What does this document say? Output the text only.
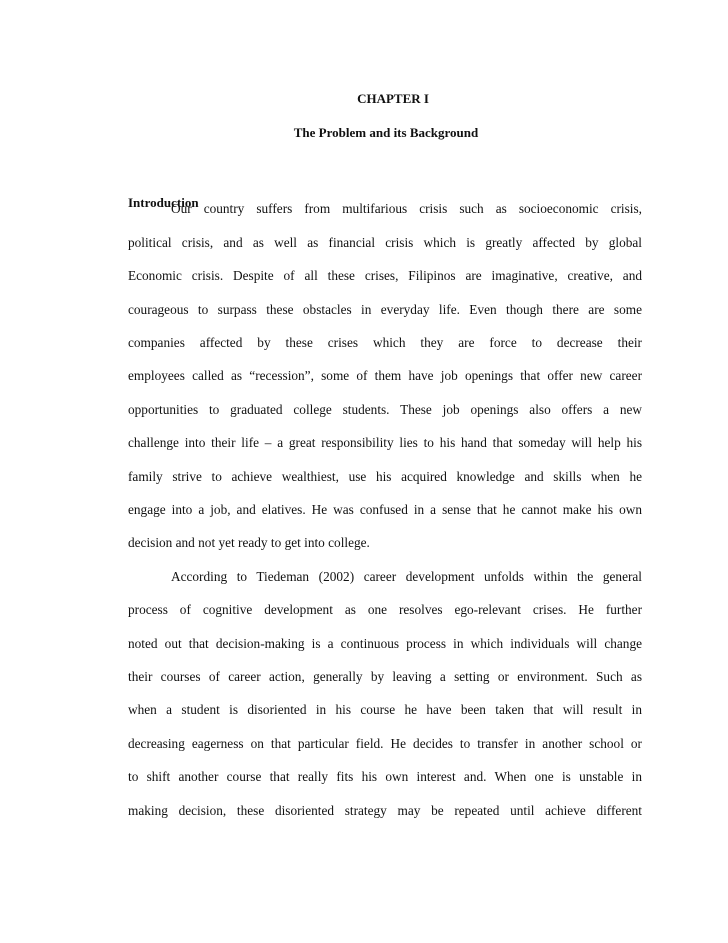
CHAPTER I
The Problem and its Background
Introduction
Our country suffers from multifarious crisis such as socioeconomic crisis,
political crisis, and as well as financial crisis which is greatly affected by global
Economic crisis. Despite of all these crises, Filipinos are imaginative, creative, and
courageous to surpass these obstacles in everyday life. Even though there are some
companies affected by these crises which they are force to decrease their
employees called as “recession”, some of them have job openings that offer new career
opportunities to graduated college students. These job openings also offers a new
challenge into their life – a great responsibility lies to his hand that someday will help his
family strive to achieve wealthiest, use his acquired knowledge and skills when he
engage into a job, and elatives. He was confused in a sense that he cannot make his own
decision and not yet ready to get into college.
According to Tiedeman (2002) career development unfolds within the general
process of cognitive development as one resolves ego-relevant crises. He further
noted out that decision-making is a continuous process in which individuals will change
their courses of career action, generally by leaving a setting or environment. Such as
when a student is disoriented in his course he have been taken that will result in
decreasing eagerness on that particular field. He decides to transfer in another school or
to shift another course that really fits his own interest and. When one is unstable in
making decision, these disoriented strategy may be repeated until achieve different
